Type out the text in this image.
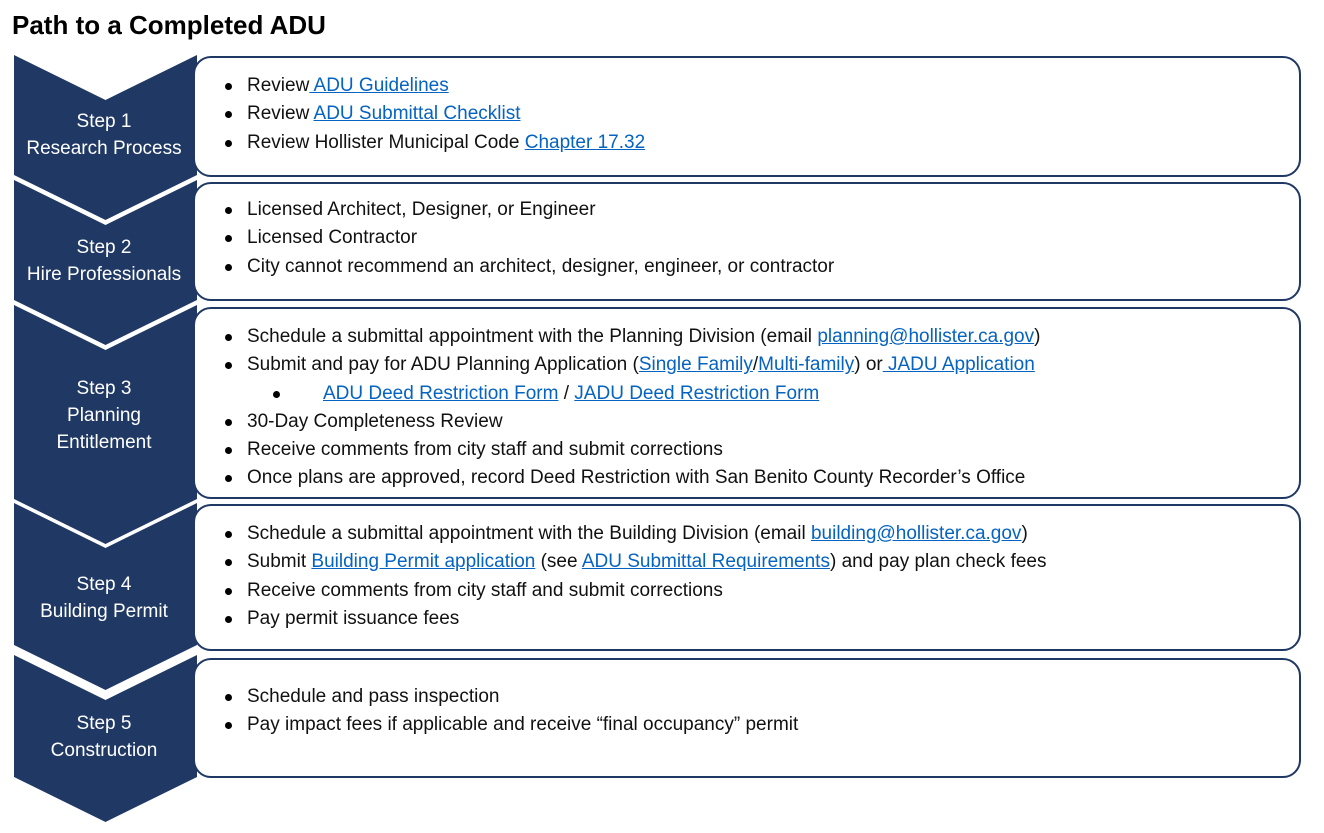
Path to a Completed ADU
Step 1
Research Process
Review ADU Guidelines
Review ADU Submittal Checklist
Review Hollister Municipal Code Chapter 17.32
Step 2
Hire Professionals
Licensed Architect, Designer, or Engineer
Licensed Contractor
City cannot recommend an architect, designer, engineer, or contractor
Step 3
Planning
Entitlement
Schedule a submittal appointment with the Planning Division (email planning@hollister.ca.gov)
Submit and pay for ADU Planning Application (Single Family/Multi-family) or JADU Application
ADU Deed Restriction Form / JADU Deed Restriction Form
30-Day Completeness Review
Receive comments from city staff and submit corrections
Once plans are approved, record Deed Restriction with San Benito County Recorder’s Office
Step 4
Building Permit
Schedule a submittal appointment with the Building Division (email building@hollister.ca.gov)
Submit Building Permit application (see ADU Submittal Requirements) and pay plan check fees
Receive comments from city staff and submit corrections
Pay permit issuance fees
Step 5
Construction
Schedule and pass inspection
Pay impact fees if applicable and receive “final occupancy” permit
